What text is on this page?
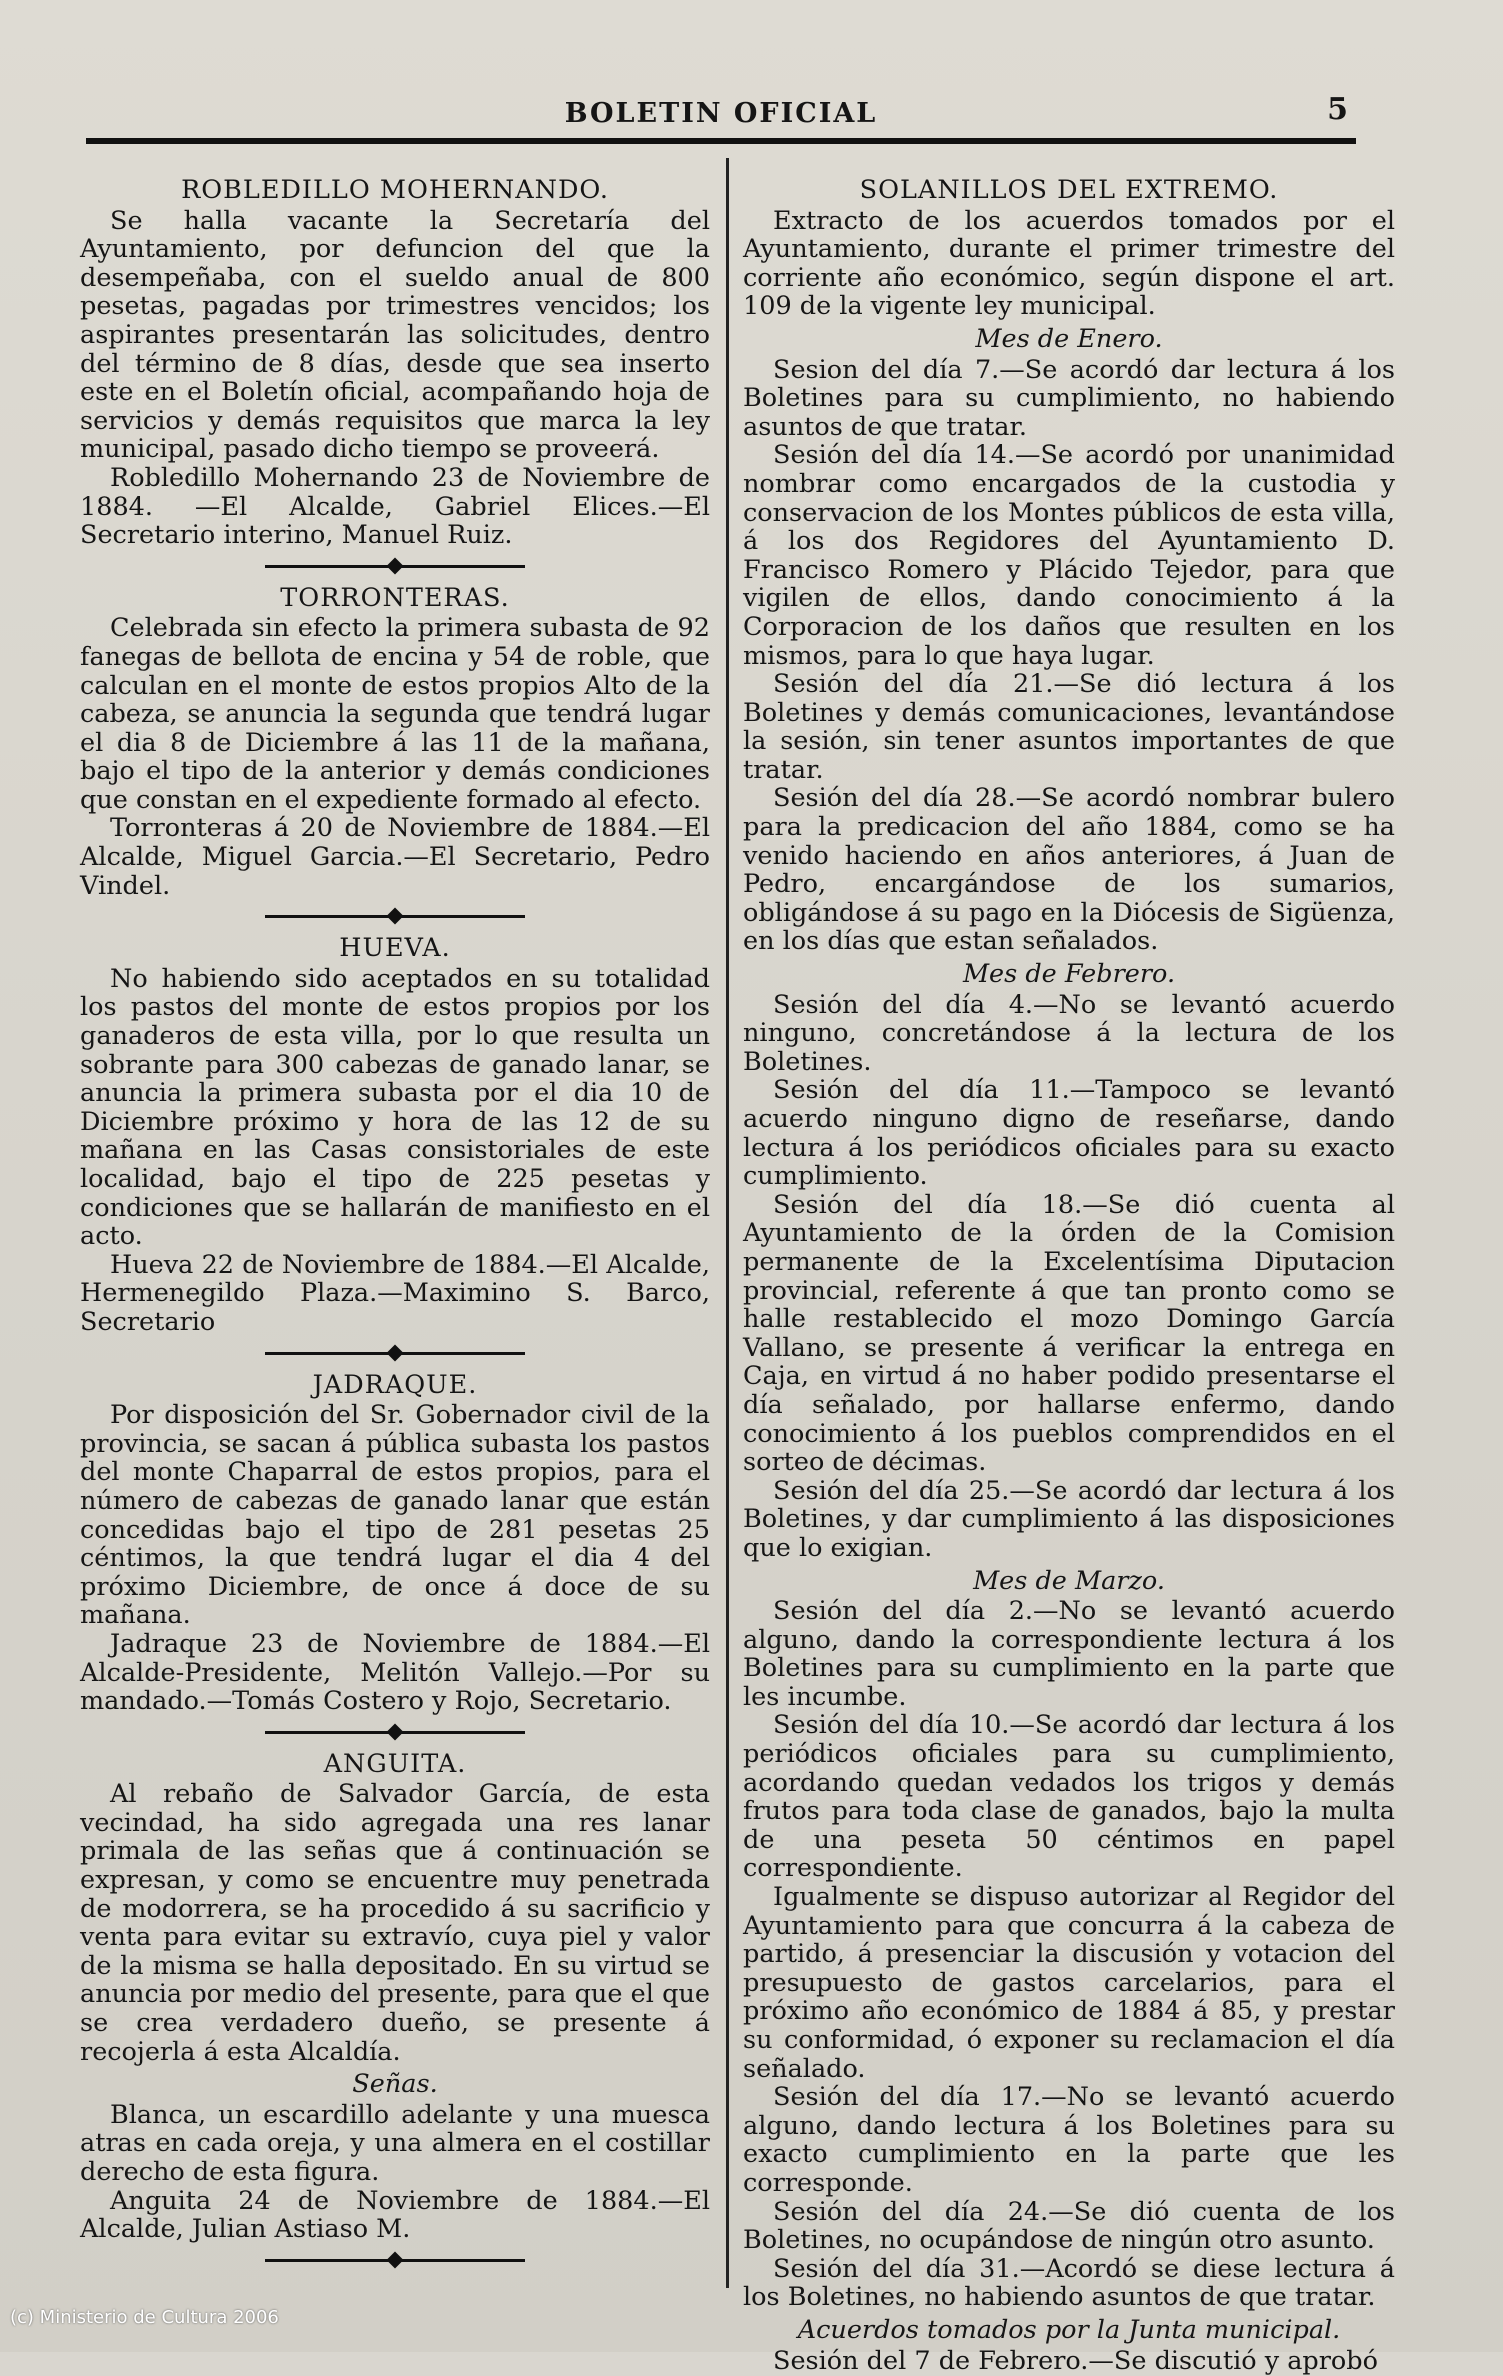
BOLETIN OFICIAL	5
ROBLEDILLO MOHERNANDO.

Se halla vacante la Secretaría del Ayuntamiento, por defuncion del que la desempeñaba, con el sueldo anual de 800 pesetas, pagadas por trimestres vencidos; los aspirantes presentarán las solicitudes, dentro del término de 8 días, desde que sea inserto este en el Boletín oficial, acompañando hoja de servicios y demás requisitos que marca la ley municipal, pasado dicho tiempo se proveerá.

Robledillo Mohernando 23 de Noviembre de 1884. —El Alcalde, Gabriel Elices.—El Secretario interino, Manuel Ruiz.

TORRONTERAS.

Celebrada sin efecto la primera subasta de 92 fanegas de bellota de encina y 54 de roble, que calculan en el monte de estos propios Alto de la cabeza, se anuncia la segunda que tendrá lugar el dia 8 de Diciembre á las 11 de la mañana, bajo el tipo de la anterior y demás condiciones que constan en el expediente formado al efecto.

Torronteras á 20 de Noviembre de 1884.—El Alcalde, Miguel Garcia.—El Secretario, Pedro Vindel.

HUEVA.

No habiendo sido aceptados en su totalidad los pastos del monte de estos propios por los ganaderos de esta villa, por lo que resulta un sobrante para 300 cabezas de ganado lanar, se anuncia la primera subasta por el dia 10 de Diciembre próximo y hora de las 12 de su mañana en las Casas consistoriales de este localidad, bajo el tipo de 225 pesetas y condiciones que se hallarán de manifiesto en el acto.

Hueva 22 de Noviembre de 1884.—El Alcalde, Hermenegildo Plaza.—Maximino S. Barco, Secretario

JADRAQUE.

Por disposición del Sr. Gobernador civil de la provincia, se sacan á pública subasta los pastos del monte Chaparral de estos propios, para el número de cabezas de ganado lanar que están concedidas bajo el tipo de 281 pesetas 25 céntimos, la que tendrá lugar el dia 4 del próximo Diciembre, de once á doce de su mañana.

Jadraque 23 de Noviembre de 1884.—El Alcalde-Presidente, Melitón Vallejo.—Por su mandado.—Tomás Costero y Rojo, Secretario.

ANGUITA.

Al rebaño de Salvador García, de esta vecindad, ha sido agregada una res lanar primala de las señas que á continuación se expresan, y como se encuentre muy penetrada de modorrera, se ha procedido á su sacrificio y venta para evitar su extravío, cuya piel y valor de la misma se halla depositado. En su virtud se anuncia por medio del presente, para que el que se crea verdadero dueño, se presente á recojerla á esta Alcaldía.

Señas.

Blanca, un escardillo adelante y una muesca atras en cada oreja, y una almera en el costillar derecho de esta figura.

Anguita 24 de Noviembre de 1884.—El Alcalde, Julian Astiaso M.

SOLANILLOS DEL EXTREMO.

Extracto de los acuerdos tomados por el Ayuntamiento, durante el primer trimestre del corriente año económico, según dispone el art. 109 de la vigente ley municipal.

Mes de Enero.

Sesion del día 7.—Se acordó dar lectura á los Boletines para su cumplimiento, no habiendo asuntos de que tratar.

Sesión del día 14.—Se acordó por unanimidad nombrar como encargados de la custodia y conservacion de los Montes públicos de esta villa, á los dos Regidores del Ayuntamiento D. Francisco Romero y Plácido Tejedor, para que vigilen de ellos, dando conocimiento á la Corporacion de los daños que resulten en los mismos, para lo que haya lugar.

Sesión del día 21.—Se dió lectura á los Boletines y demás comunicaciones, levantándose la sesión, sin tener asuntos importantes de que tratar.

Sesión del día 28.—Se acordó nombrar bulero para la predicacion del año 1884, como se ha venido haciendo en años anteriores, á Juan de Pedro, encargándose de los sumarios, obligándose á su pago en la Diócesis de Sigüenza, en los días que estan señalados.

Mes de Febrero.

Sesión del día 4.—No se levantó acuerdo ninguno, concretándose á la lectura de los Boletines.

Sesión del día 11.—Tampoco se levantó acuerdo ninguno digno de reseñarse, dando lectura á los periódicos oficiales para su exacto cumplimiento.

Sesión del día 18.—Se dió cuenta al Ayuntamiento de la órden de la Comision permanente de la Excelentísima Diputacion provincial, referente á que tan pronto como se halle restablecido el mozo Domingo García Vallano, se presente á verificar la entrega en Caja, en virtud á no haber podido presentarse el día señalado, por hallarse enfermo, dando conocimiento á los pueblos comprendidos en el sorteo de décimas.

Sesión del día 25.—Se acordó dar lectura á los Boletines, y dar cumplimiento á las disposiciones que lo exigian.

Mes de Marzo.

Sesión del día 2.—No se levantó acuerdo alguno, dando la correspondiente lectura á los Boletines para su cumplimiento en la parte que les incumbe.

Sesión del día 10.—Se acordó dar lectura á los periódicos oficiales para su cumplimiento, acordando quedan vedados los trigos y demás frutos para toda clase de ganados, bajo la multa de una peseta 50 céntimos en papel correspondiente.

Igualmente se dispuso autorizar al Regidor del Ayuntamiento para que concurra á la cabeza de partido, á presenciar la discusión y votacion del presupuesto de gastos carcelarios, para el próximo año económico de 1884 á 85, y prestar su conformidad, ó exponer su reclamacion el día señalado.

Sesión del día 17.—No se levantó acuerdo alguno, dando lectura á los Boletines para su exacto cumplimiento en la parte que les corresponde.

Sesión del día 24.—Se dió cuenta de los Boletines, no ocupándose de ningún otro asunto.

Sesión del día 31.—Acordó se diese lectura á los Boletines, no habiendo asuntos de que tratar.

Acuerdos tomados por la Junta municipal.

Sesión del 7 de Febrero.—Se discutió y aprobó

(c) Ministerio de Cultura 2006
